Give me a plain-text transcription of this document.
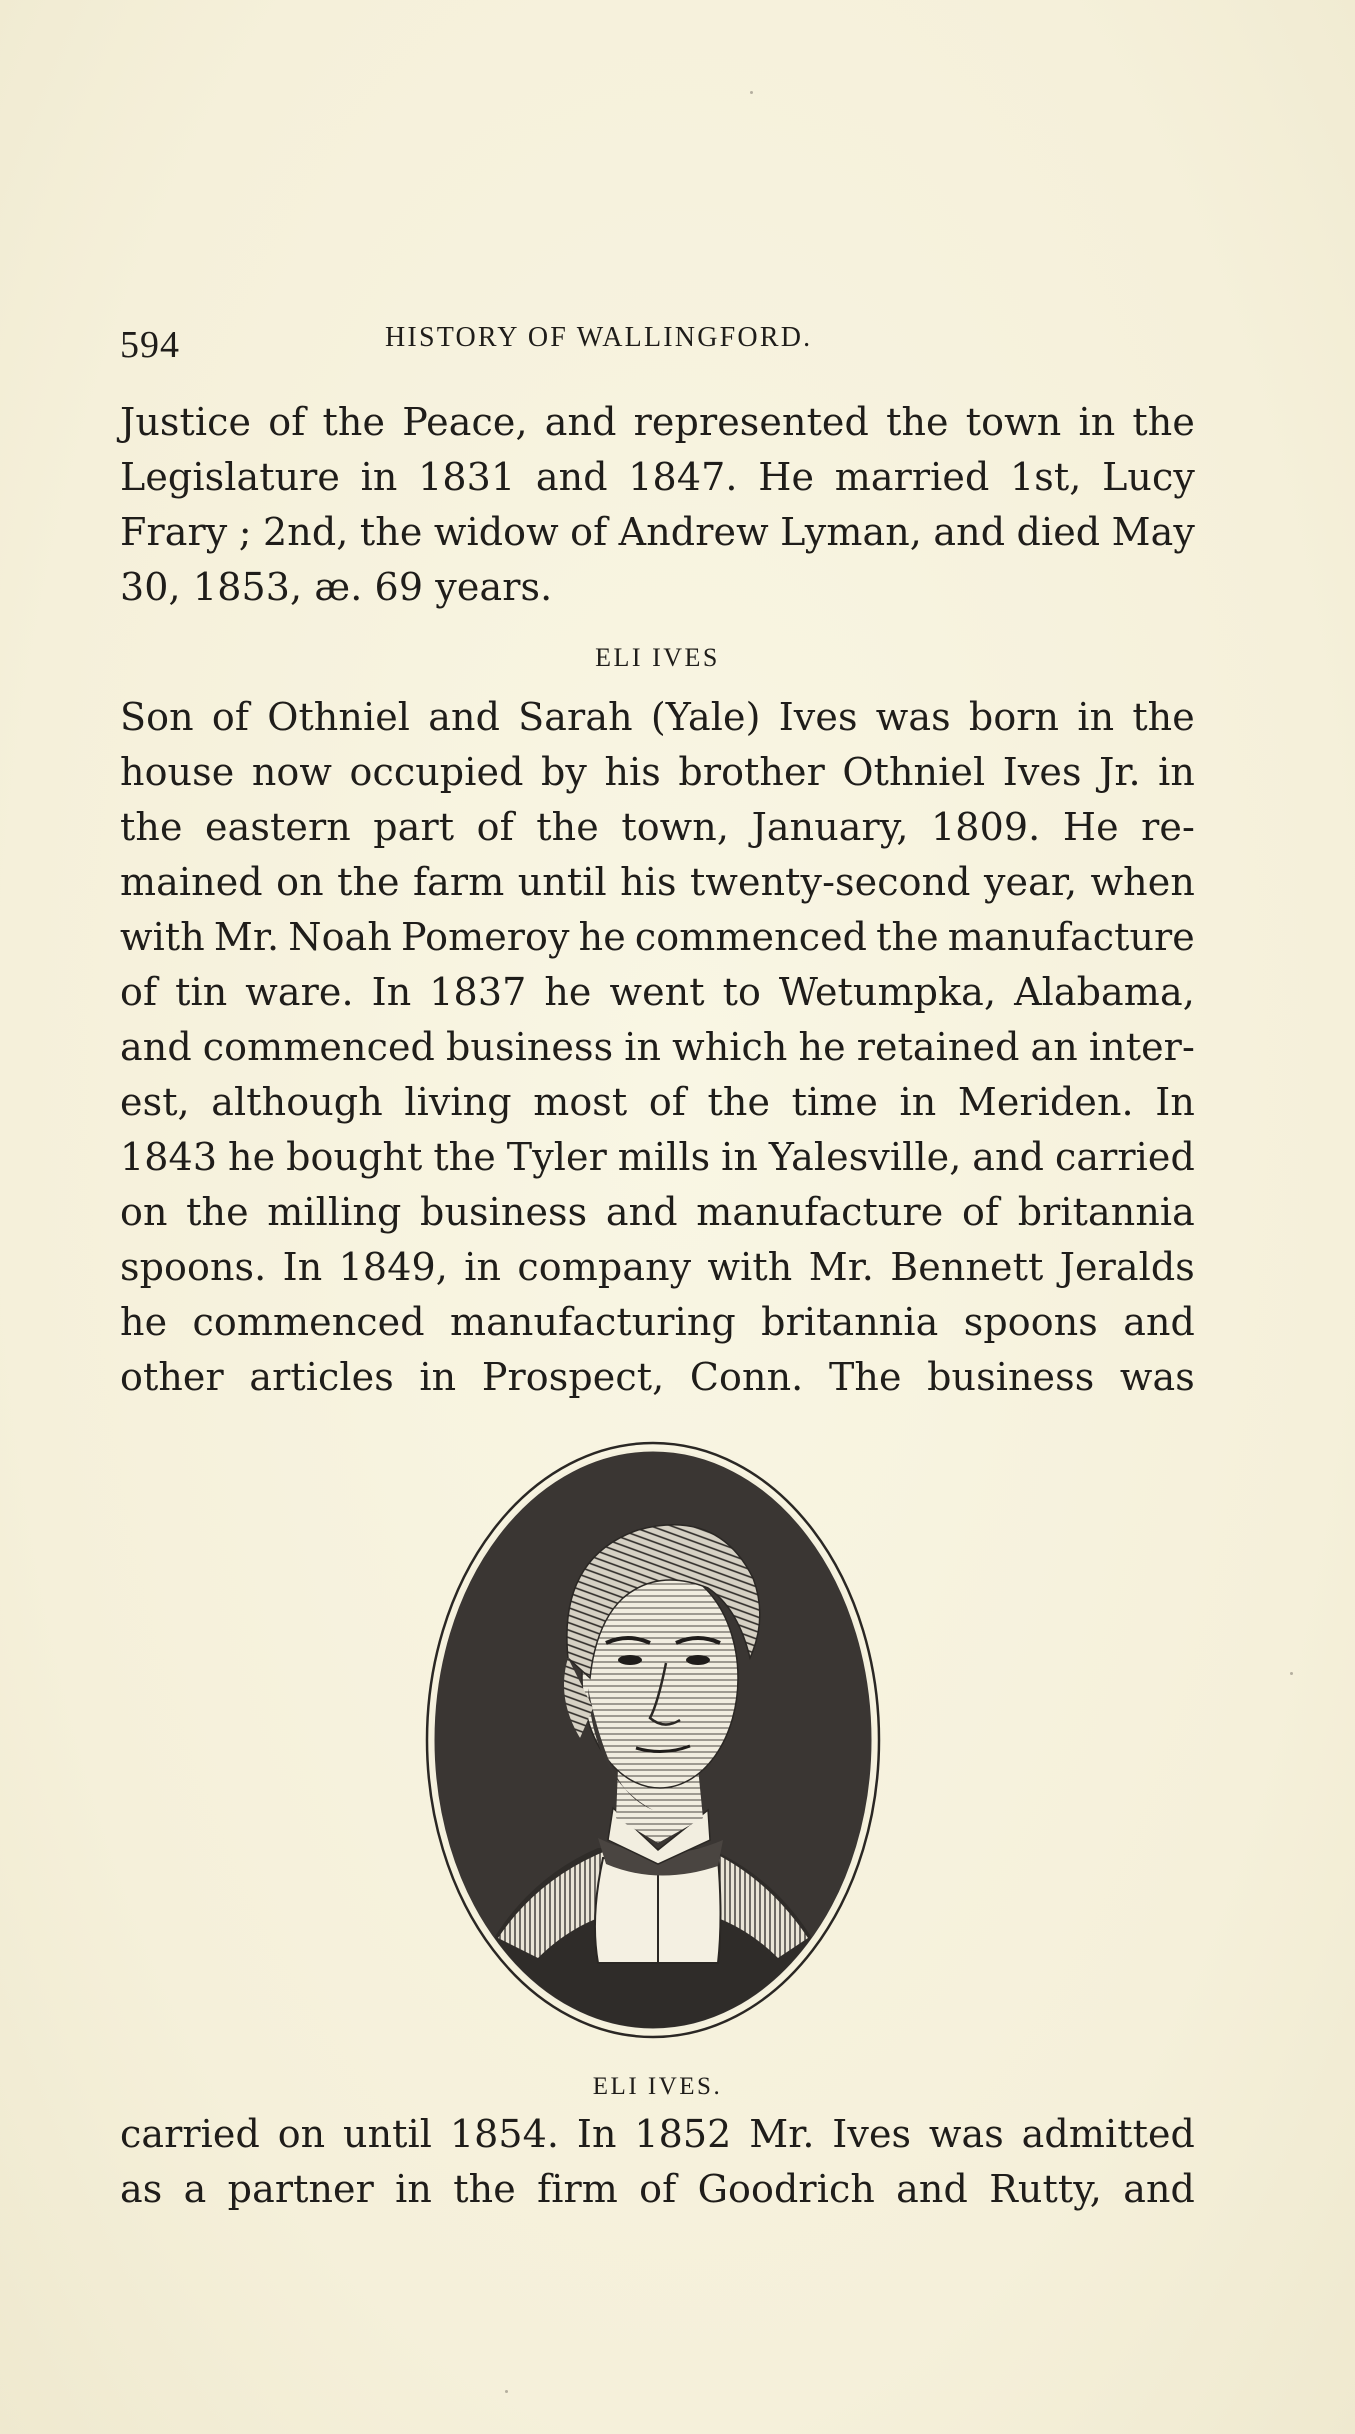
594	HISTORY OF WALLINGFORD.
Justice of the Peace, and represented the town in the
Legislature in 1831 and 1847. He married 1st, Lucy
Frary ; 2nd, the widow of Andrew Lyman, and died May
30, 1853, æ. 69 years.
ELI IVES
Son of Othniel and Sarah (Yale) Ives was born in the
house now occupied by his brother Othniel Ives Jr. in
the eastern part of the town, January, 1809. He re-
mained on the farm until his twenty-second year, when
with Mr. Noah Pomeroy he commenced the manufacture
of tin ware. In 1837 he went to Wetumpka, Alabama,
and commenced business in which he retained an inter-
est, although living most of the time in Meriden. In
1843 he bought the Tyler mills in Yalesville, and carried
on the milling business and manufacture of britannia
spoons. In 1849, in company with Mr. Bennett Jeralds
he commenced manufacturing britannia spoons and
other articles in Prospect, Conn. The business was
ELI IVES.
carried on until 1854. In 1852 Mr. Ives was admitted
as a partner in the firm of Goodrich and Rutty, and
